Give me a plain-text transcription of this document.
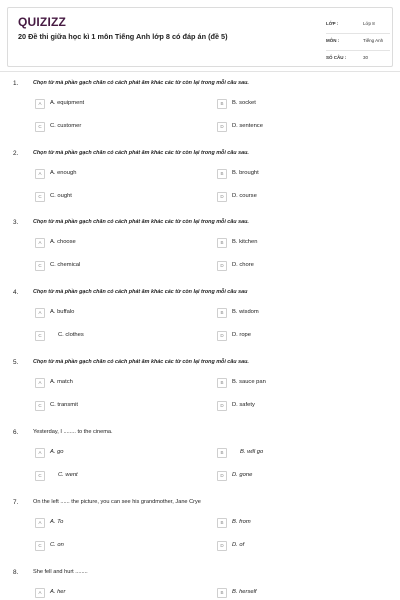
QUIZIZZ
20 Đề thi giữa học kì 1 môn Tiếng Anh lớp 8 có đáp án (đề 5)
LỚP :	Lớp 8
MÔN :	Tiếng Anh
SỐ CÂU :	30
1.	Chọn từ mà phần gạch chân có cách phát âm khác các từ còn lại trong mỗi câu sau.
A	A. equipment	B	B. socket
C	C. customer	D	D. sentence
2.	Chọn từ mà phần gạch chân có cách phát âm khác các từ còn lại trong mỗi câu sau.
A	A. enough	B	B. brought
C	C. ought	D	D. course
3.	Chọn từ mà phần gạch chân có cách phát âm khác các từ còn lại trong mỗi câu sau.
A	A. choose	B	B. kitchen
C	C. chemical	D	D. chore
4.	Chọn từ mà phần gạch chân có cách phát âm khác các từ còn lại trong mỗi câu sau
A	A. buffalo	B	B. wisdom
C	C. clothes	D	D. rope
5.	Chọn từ mà phần gạch chân có cách phát âm khác các từ còn lại trong mỗi câu sau.
A	A. match	B	B. sauce pan
C	C. transmit	D	D. safety
6.	Yesterday, I ........ to the cinema.
A	A. go	B	B. will go
C	C. went	D	D. gone
7.	On the left ...... the picture, you can see his grandmother, Jane Crye
A	A. To	B	B. from
C	C. on	D	D. of
8.	She fell and hurt ........
A	A. her	B	B. herself
